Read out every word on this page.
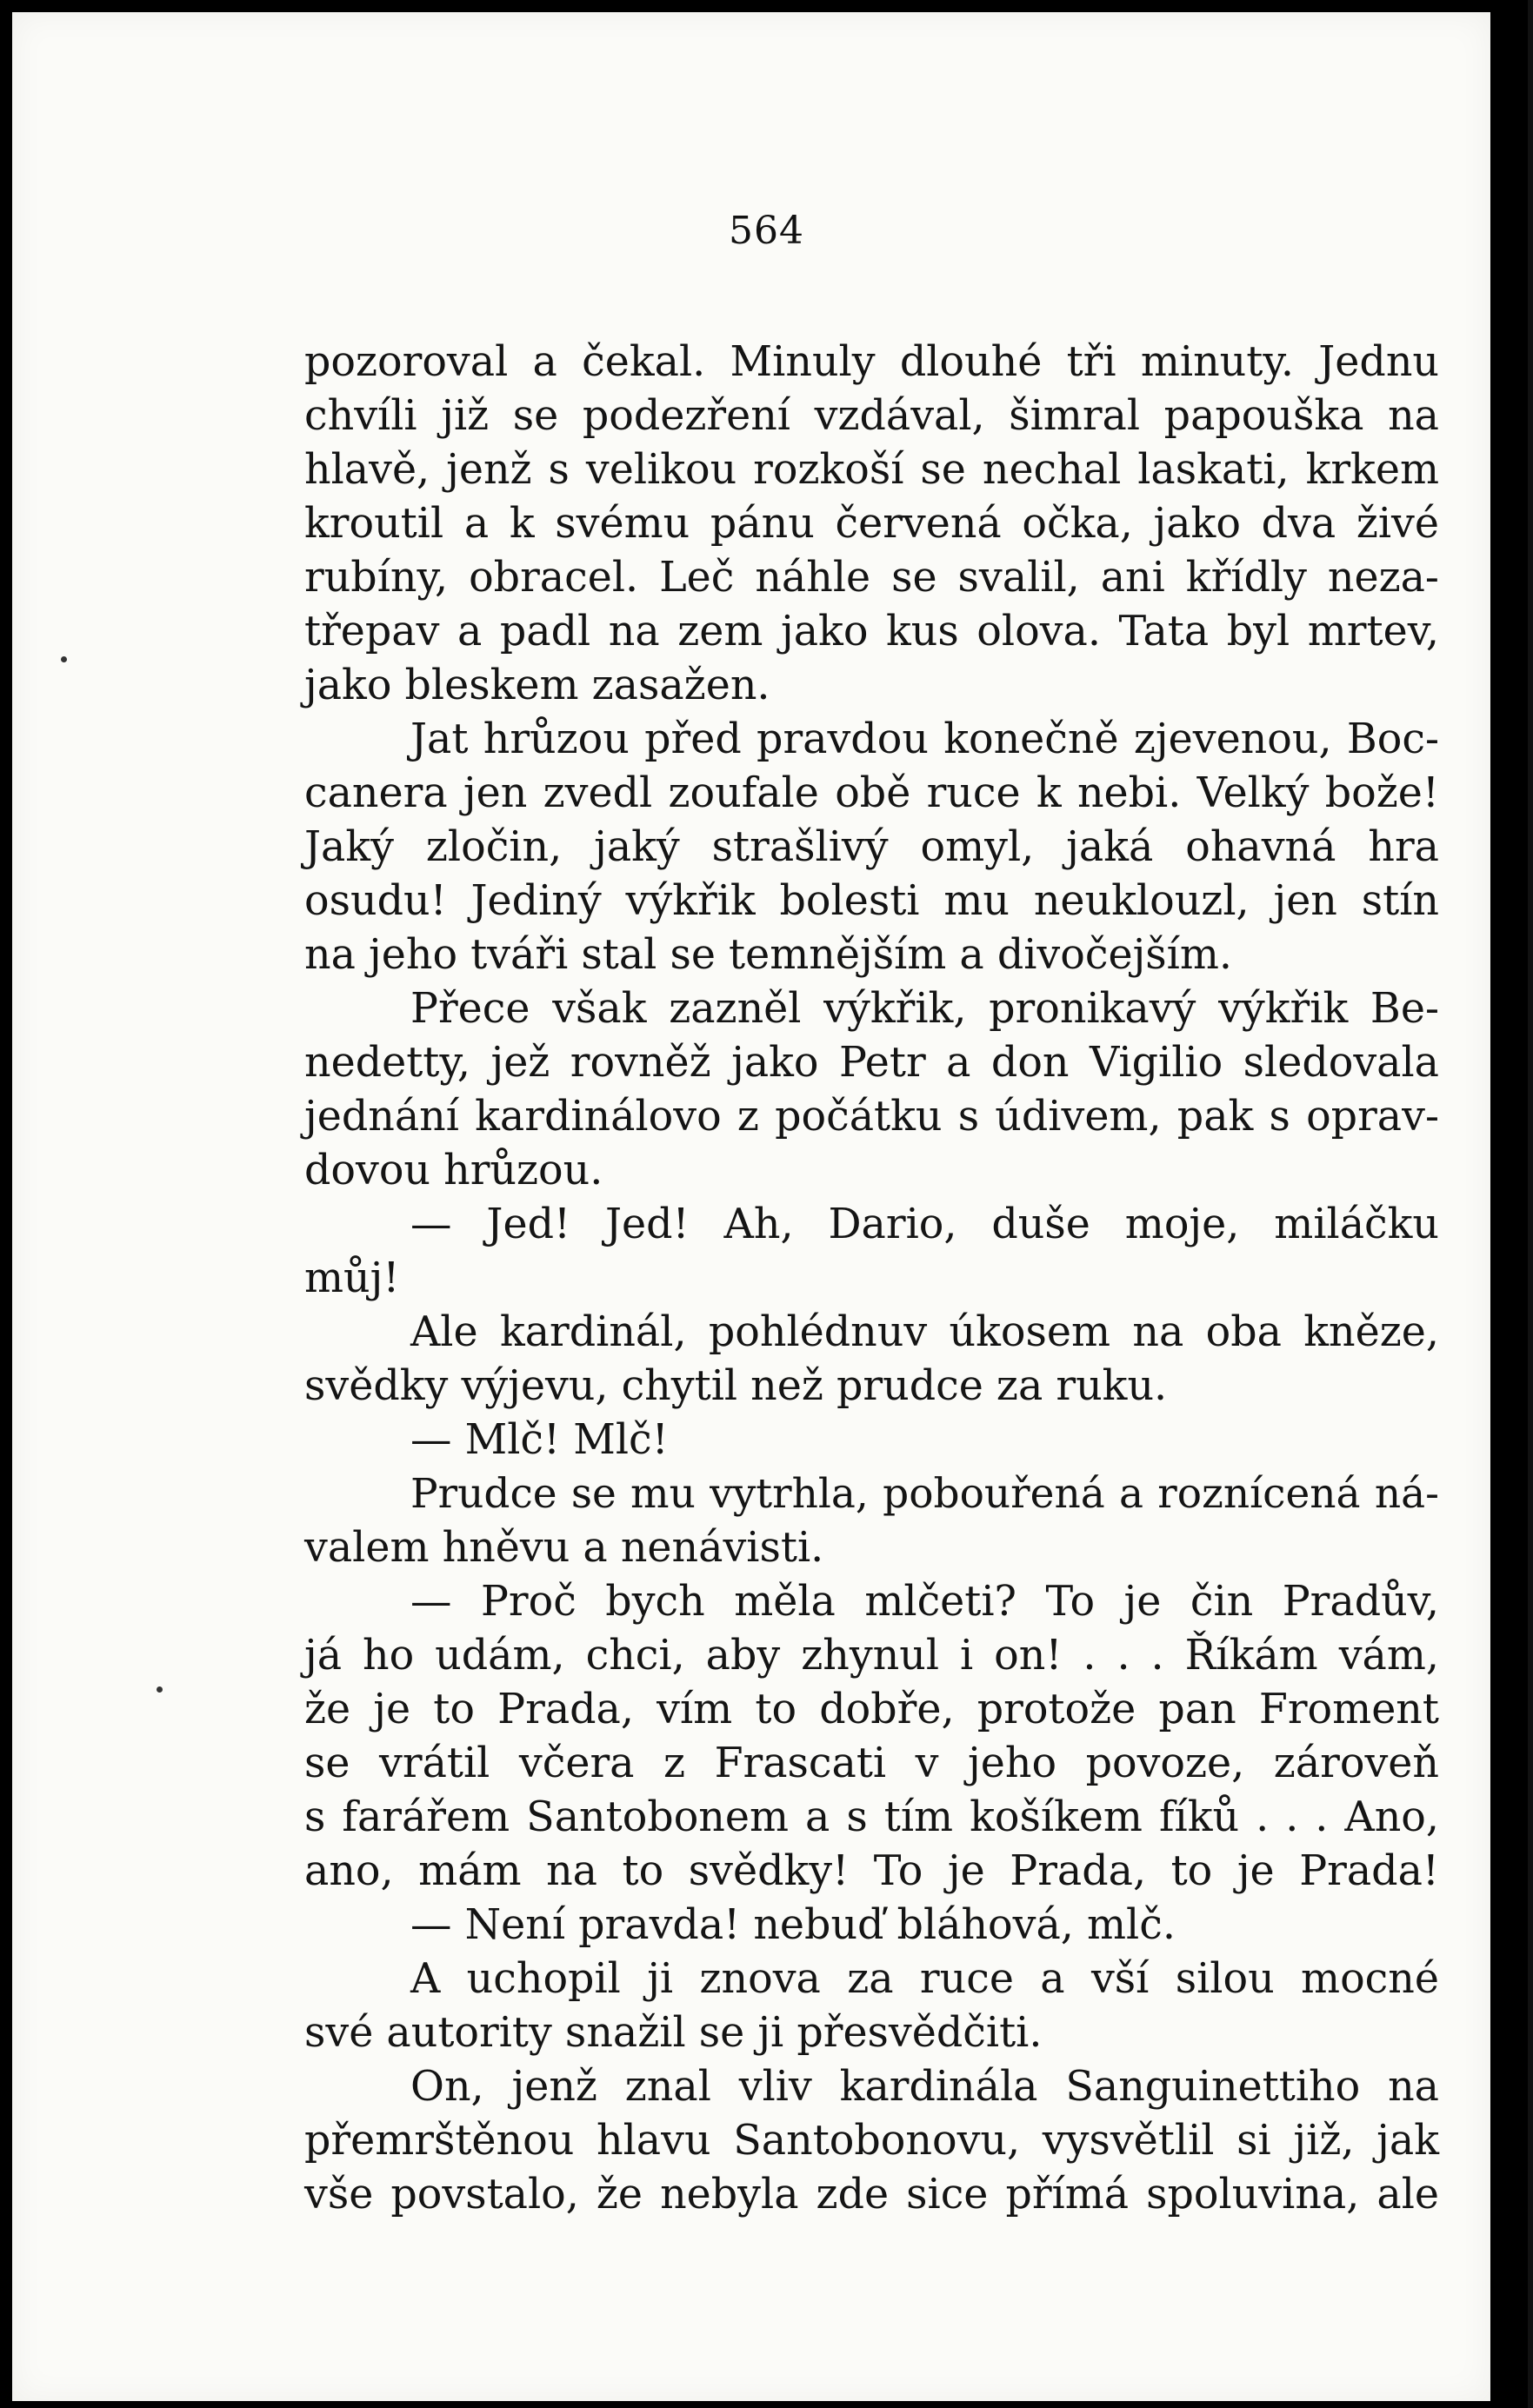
564
pozoroval a čekal. Minuly dlouhé tři minuty. Jednu
chvíli již se podezření vzdával, šimral papouška na
hlavě, jenž s velikou rozkoší se nechal laskati, krkem
kroutil a k svému pánu červená očka, jako dva živé
rubíny, obracel. Leč náhle se svalil, ani křídly neza-
třepav a padl na zem jako kus olova. Tata byl mrtev,
jako bleskem zasažen.
Jat hrůzou před pravdou konečně zjevenou, Boc-
canera jen zvedl zoufale obě ruce k nebi. Velký bože!
Jaký zločin, jaký strašlivý omyl, jaká ohavná hra
osudu! Jediný výkřik bolesti mu neuklouzl, jen stín
na jeho tváři stal se temnějším a divočejším.
Přece však zazněl výkřik, pronikavý výkřik Be-
nedetty, jež rovněž jako Petr a don Vigilio sledovala
jednání kardinálovo z počátku s údivem, pak s oprav-
dovou hrůzou.
— Jed! Jed! Ah, Dario, duše moje, miláčku
můj!
Ale kardinál, pohlédnuv úkosem na oba kněze,
svědky výjevu, chytil než prudce za ruku.
— Mlč! Mlč!
Prudce se mu vytrhla, pobouřená a roznícená ná-
valem hněvu a nenávisti.
— Proč bych měla mlčeti? To je čin Pradův,
já ho udám, chci, aby zhynul i on! . . . Říkám vám,
že je to Prada, vím to dobře, protože pan Froment
se vrátil včera z Frascati v jeho povoze, zároveň
s farářem Santobonem a s tím košíkem fíků . . . Ano,
ano, mám na to svědky! To je Prada, to je Prada!
— Není pravda! nebuď bláhová, mlč.
A uchopil ji znova za ruce a vší silou mocné
své autority snažil se ji přesvědčiti.
On, jenž znal vliv kardinála Sanguinettiho na
přemrštěnou hlavu Santobonovu, vysvětlil si již, jak
vše povstalo, že nebyla zde sice přímá spoluvina, ale
